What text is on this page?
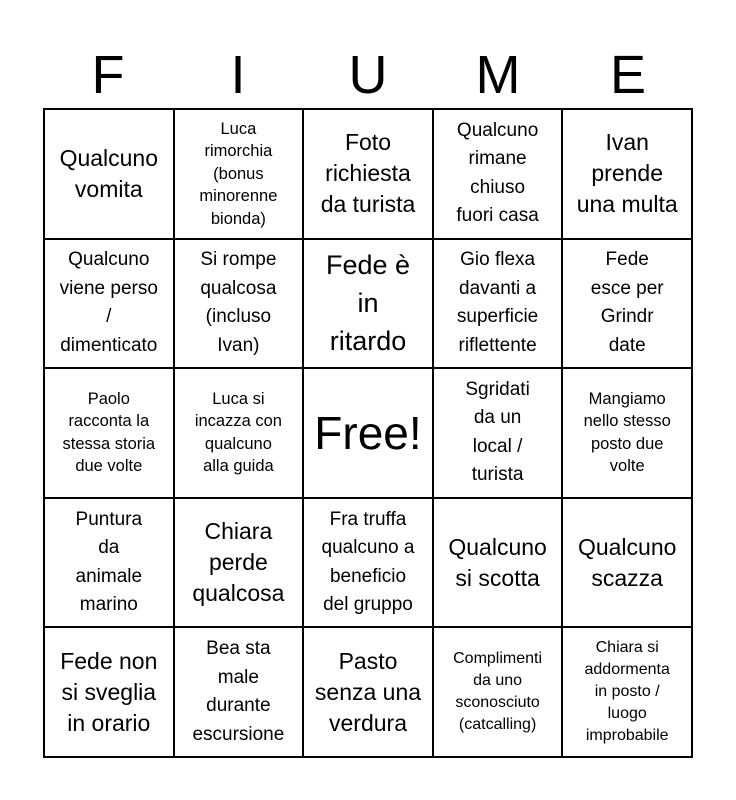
F	I	U	M	E
Qualcuno
vomita
Luca
rimorchia
(bonus
minorenne
bionda)
Foto
richiesta
da turista
Qualcuno
rimane
chiuso
fuori casa
Ivan
prende
una multa
Qualcuno
viene perso
/
dimenticato
Si rompe
qualcosa
(incluso
Ivan)
Fede è
in
ritardo
Gio flexa
davanti a
superficie
riflettente
Fede
esce per
Grindr
date
Paolo
racconta la
stessa storia
due volte
Luca si
incazza con
qualcuno
alla guida
Free!
Sgridati
da un
local /
turista
Mangiamo
nello stesso
posto due
volte
Puntura
da
animale
marino
Chiara
perde
qualcosa
Fra truffa
qualcuno a
beneficio
del gruppo
Qualcuno
si scotta
Qualcuno
scazza
Fede non
si sveglia
in orario
Bea sta
male
durante
escursione
Pasto
senza una
verdura
Complimenti
da uno
sconosciuto
(catcalling)
Chiara si
addormenta
in posto /
luogo
improbabile
